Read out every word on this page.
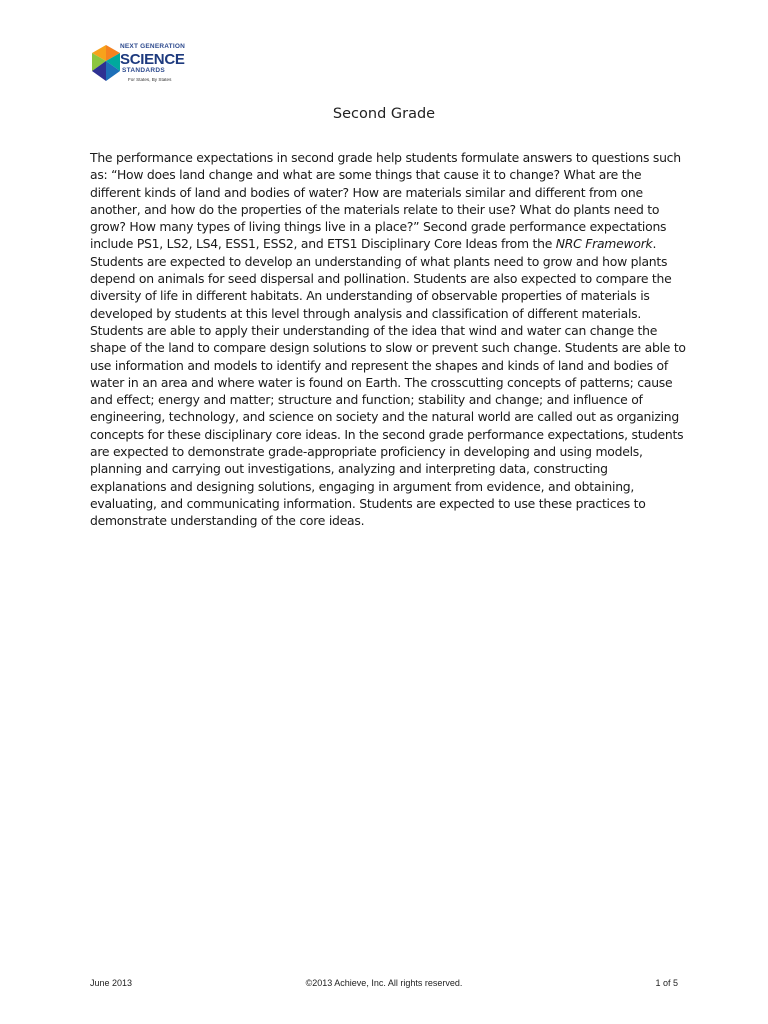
NEXT GENERATION
SCIENCE
STANDARDS
For States, By States
Second Grade

The performance expectations in second grade help students formulate answers to questions such as: “How does land change and what are some things that cause it to change? What are the different kinds of land and bodies of water? How are materials similar and different from one another, and how do the properties of the materials relate to their use? What do plants need to grow? How many types of living things live in a place?” Second grade performance expectations include PS1, LS2, LS4, ESS1, ESS2, and ETS1 Disciplinary Core Ideas from the NRC Framework. Students are expected to develop an understanding of what plants need to grow and how plants depend on animals for seed dispersal and pollination. Students are also expected to compare the diversity of life in different habitats. An understanding of observable properties of materials is developed by students at this level through analysis and classification of different materials. Students are able to apply their understanding of the idea that wind and water can change the shape of the land to compare design solutions to slow or prevent such change. Students are able to use information and models to identify and represent the shapes and kinds of land and bodies of water in an area and where water is found on Earth. The crosscutting concepts of patterns; cause and effect; energy and matter; structure and function; stability and change; and influence of engineering, technology, and science on society and the natural world are called out as organizing concepts for these disciplinary core ideas. In the second grade performance expectations, students are expected to demonstrate grade-appropriate proficiency in developing and using models, planning and carrying out investigations, analyzing and interpreting data, constructing explanations and designing solutions, engaging in argument from evidence, and obtaining, evaluating, and communicating information. Students are expected to use these practices to demonstrate understanding of the core ideas.

June 2013	©2013 Achieve, Inc. All rights reserved.	1 of 5
